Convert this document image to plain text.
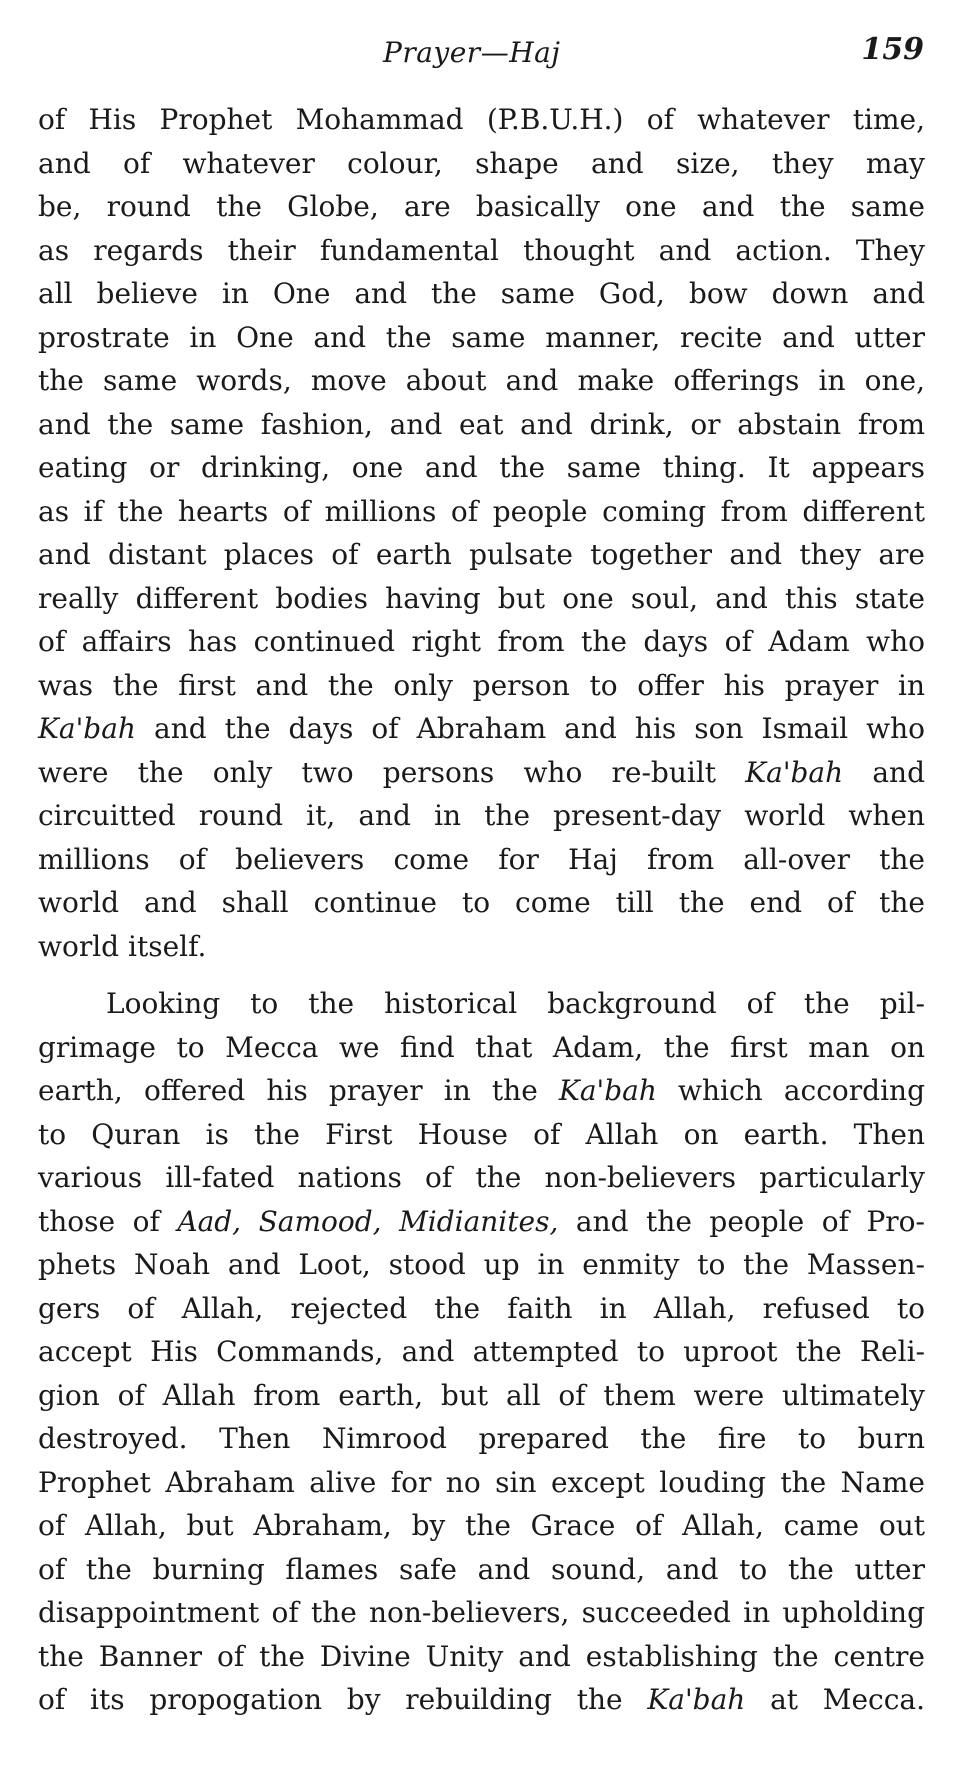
Prayer—Haj	159
of His Prophet Mohammad (P.B.U.H.) of whatever time,
and of whatever colour, shape and size, they may
be, round the Globe, are basically one and the same
as regards their fundamental thought and action. They
all believe in One and the same God, bow down and
prostrate in One and the same manner, recite and utter
the same words, move about and make offerings in one,
and the same fashion, and eat and drink, or abstain from
eating or drinking, one and the same thing. It appears
as if the hearts of millions of people coming from different
and distant places of earth pulsate together and they are
really different bodies having but one soul, and this state
of affairs has continued right from the days of Adam who
was the first and the only person to offer his prayer in
Ka'bah and the days of Abraham and his son Ismail who
were the only two persons who re-built Ka'bah and
circuitted round it, and in the present-day world when
millions of believers come for Haj from all-over the
world and shall continue to come till the end of the
world itself.
Looking to the historical background of the pil-
grimage to Mecca we find that Adam, the first man on
earth, offered his prayer in the Ka'bah which according
to Quran is the First House of Allah on earth. Then
various ill-fated nations of the non-believers particularly
those of Aad, Samood, Midianites, and the people of Pro-
phets Noah and Loot, stood up in enmity to the Massen-
gers of Allah, rejected the faith in Allah, refused to
accept His Commands, and attempted to uproot the Reli-
gion of Allah from earth, but all of them were ultimately
destroyed. Then Nimrood prepared the fire to burn
Prophet Abraham alive for no sin except louding the Name
of Allah, but Abraham, by the Grace of Allah, came out
of the burning flames safe and sound, and to the utter
disappointment of the non-believers, succeeded in upholding
the Banner of the Divine Unity and establishing the centre
of its propogation by rebuilding the Ka'bah at Mecca.
